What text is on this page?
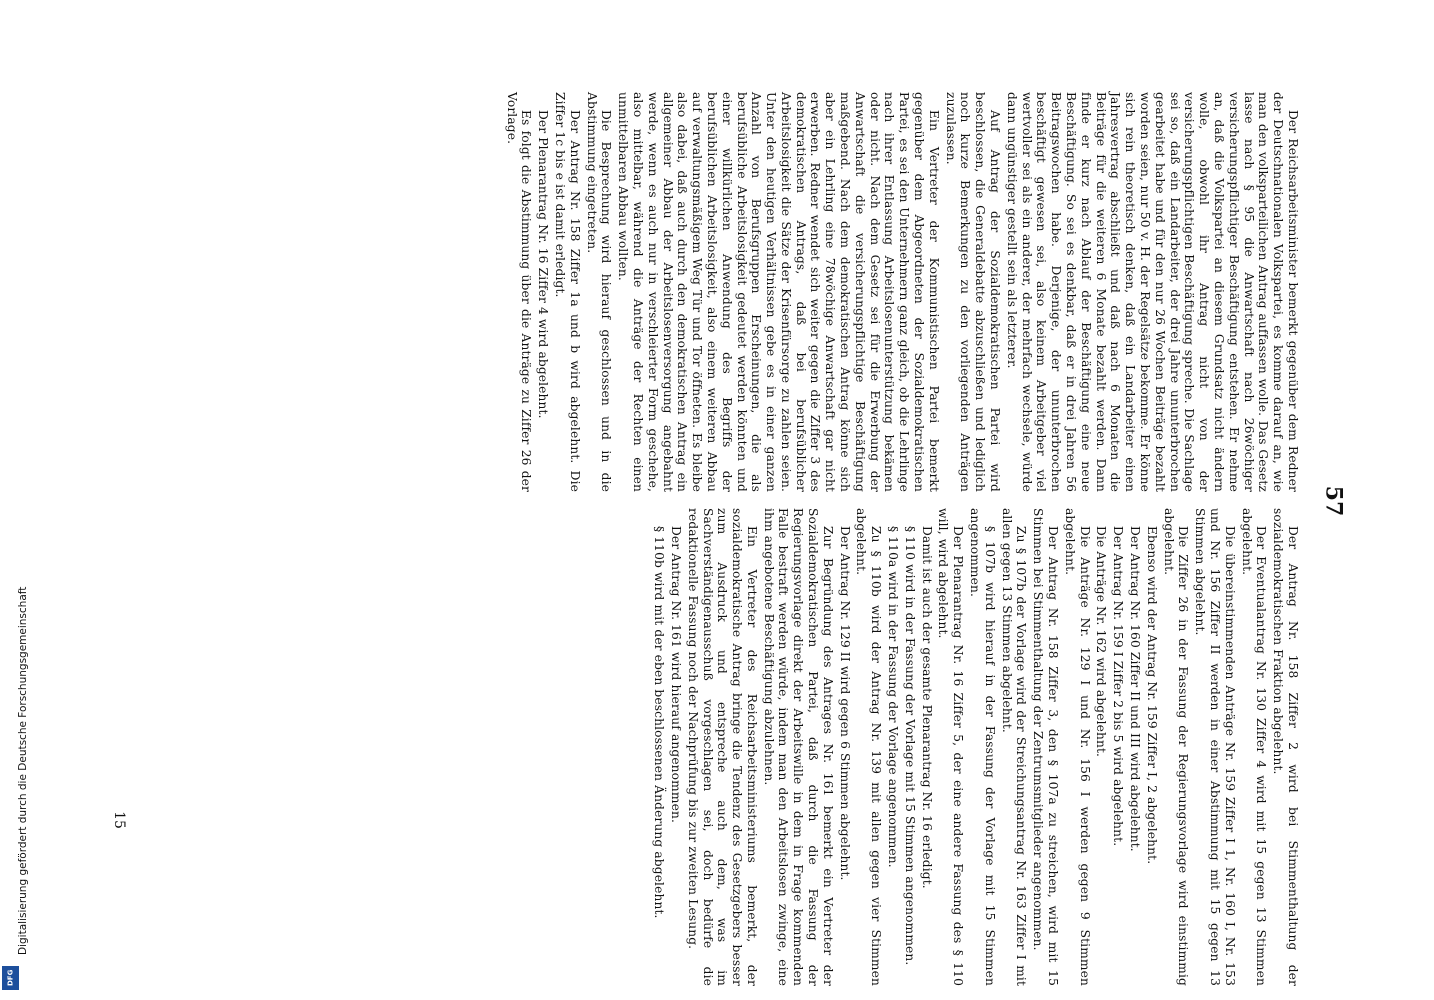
Digitalisierung gefördert durch die Deutsche Forschungsgemeinschaft
DFG
57
15	Der Antrag Nr. 158 Ziffer 2 wird bei Stimmenthaltung der sozialdemokratischen Fraktion abgelehnt.

Der Eventualantrag Nr. 130 Ziffer 4 wird mit 15 gegen 13 Stimmen abgelehnt.

Die übereinstimmenden Anträge Nr. 159 Ziffer I 1, Nr. 160 I, Nr. 153 und Nr. 156 Ziffer II werden in einer Abstimmung mit 15 gegen 13 Stimmen abgelehnt.

Die Ziffer 26 in der Fassung der Regierungsvorlage wird einstimmig abgelehnt.

Ebenso wird der Antrag Nr. 159 Ziffer I, 2 abgelehnt.

Der Antrag Nr. 160 Ziffer II und III wird abgelehnt.

Der Antrag Nr. 159 I Ziffer 2 bis 5 wird abgelehnt.

Die Anträge Nr. 162 wird abgelehnt.

Die Anträge Nr. 129 I und Nr. 156 I werden gegen 9 Stimmen abgelehnt.

Der Antrag Nr. 158 Ziffer 3, den § 107a zu streichen, wird mit 15 Stimmen bei Stimmenthaltung der Zentrumsmitglieder angenommen.

Zu § 107b der Vorlage wird der Streichungsantrag Nr. 163 Ziffer I mit allen gegen 13 Stimmen abgelehnt.

§ 107b wird hierauf in der Fassung der Vorlage mit 15 Stimmen angenommen.

Der Plenarantrag Nr. 16 Ziffer 5, der eine andere Fassung des § 110 will, wird abgelehnt.

Damit ist auch der gesamte Plenarantrag Nr. 16 erledigt.

§ 110 wird in der Fassung der Vorlage mit 15 Stimmen angenommen.

§ 110a wird in der Fassung der Vorlage angenommen.

Zu § 110b wird der Antrag Nr. 139 mit allen gegen vier Stimmen abgelehnt.

Der Antrag Nr. 129 II wird gegen 6 Stimmen abgelehnt.

Zur Begründung des Antrages Nr. 161 bemerkt ein Vertreter der Sozialdemokratischen Partei, daß durch die Fassung der Regierungsvorlage direkt der Arbeitswille in dem in Frage kommenden Falle bestraft werden würde, indem man den Arbeitslosen zwinge, eine ihm angebotene Beschäftigung abzulehnen.

Ein Vertreter des Reichsarbeitsministeriums bemerkt, der sozialdemokratische Antrag bringe die Tendenz des Gesetzgebers besser zum Ausdruck und entspreche auch dem, was im Sachverständigenausschuß vorgeschlagen sei, doch bedürfe die redaktionelle Fassung noch der Nachprüfung bis zur zweiten Lesung.

Der Antrag Nr. 161 wird hierauf angenommen.

§ 110b wird mit der eben beschlossenen Änderung abgelehnt.

Der Reichsarbeitsminister bemerkt gegenüber dem Redner der Deutschnationalen Volkspartei, es komme darauf an, wie man den volksparteilichen Antrag auffassen wolle. Das Gesetz lasse nach § 95 die Anwartschaft nach 26wöchiger versicherungspflichtiger Beschäftigung entstehen. Er nehme an, daß die Volkspartei an diesem Grundsatz nicht ändern wolle, obwohl ihr Antrag nicht von der versicherungspflichtigen Beschäftigung spreche. Die Sachlage sei so, daß ein Landarbeiter, der drei Jahre ununterbrochen gearbeitet habe und für den nur 26 Wochen Beiträge bezahlt worden seien, nur 50 v. H. der Regelsätze bekomme. Er könne sich rein theoretisch denken, daß ein Landarbeiter einen Jahresvertrag abschließt und daß nach 6 Monaten die Beiträge für die weiteren 6 Monate bezahlt werden. Dann finde er kurz nach Ablauf der Beschäftigung eine neue Beschäftigung. So sei es denkbar, daß er in drei Jahren 56 Beitragswochen habe. Derjenige, der ununterbrochen beschäftigt gewesen sei, also keinem Arbeitgeber viel wertvoller sei als ein anderer, der mehrfach wechsele, würde dann ungünstiger gestellt sein als letzterer.

Auf Antrag der Sozialdemokratischen Partei wird beschlossen, die Generaldebatte abzuschließen und lediglich noch kurze Bemerkungen zu den vorliegenden Anträgen zuzulassen.

Ein Vertreter der Kommunistischen Partei bemerkt gegenüber dem Abgeordneten der Sozialdemokratischen Partei, es sei den Unternehmern ganz gleich, ob die Lehrlinge nach ihrer Entlassung Arbeitslosenunterstützung bekämen oder nicht. Nach dem Gesetz sei für die Erwerbung der Anwartschaft die versicherungspflichtige Beschäftigung maßgebend. Nach dem demokratischen Antrag könne sich aber ein Lehrling eine 78wöchige Anwartschaft gar nicht erwerben. Redner wendet sich weiter gegen die Ziffer 3 des demokratischen Antrags, daß bei berufsüblicher Arbeitslosigkeit die Sätze der Krisenfürsorge zu zahlen seien. Unter den heutigen Verhältnissen gebe es in einer ganzen Anzahl von Berufsgruppen Erscheinungen, die als berufsübliche Arbeitslosigkeit gedeutet werden könnten und einer willkürlichen Anwendung des Begriffs der berufsüblichen Arbeitslosigkeit, also einem weiteren Abbau auf verwaltungsmäßigem Weg Tür und Tor öffneten. Es bleibe also dabei, daß auch durch den demokratischen Antrag ein allgemeiner Abbau der Arbeitslosenversorgung angebahnt werde, wenn es auch nur in verschleierter Form geschehe, also mittelbar, während die Anträge der Rechten einen unmittelbaren Abbau wollten.

Die Besprechung wird hierauf geschlossen und in die Abstimmung eingetreten.

Der Antrag Nr. 158 Ziffer 1a und b wird abgelehnt. Die Ziffer 1c bis e ist damit erledigt.

Der Plenarantrag Nr. 16 Ziffer 4 wird abgelehnt.

Es folgt die Abstimmung über die Anträge zu Ziffer 26 der Vorlage.
